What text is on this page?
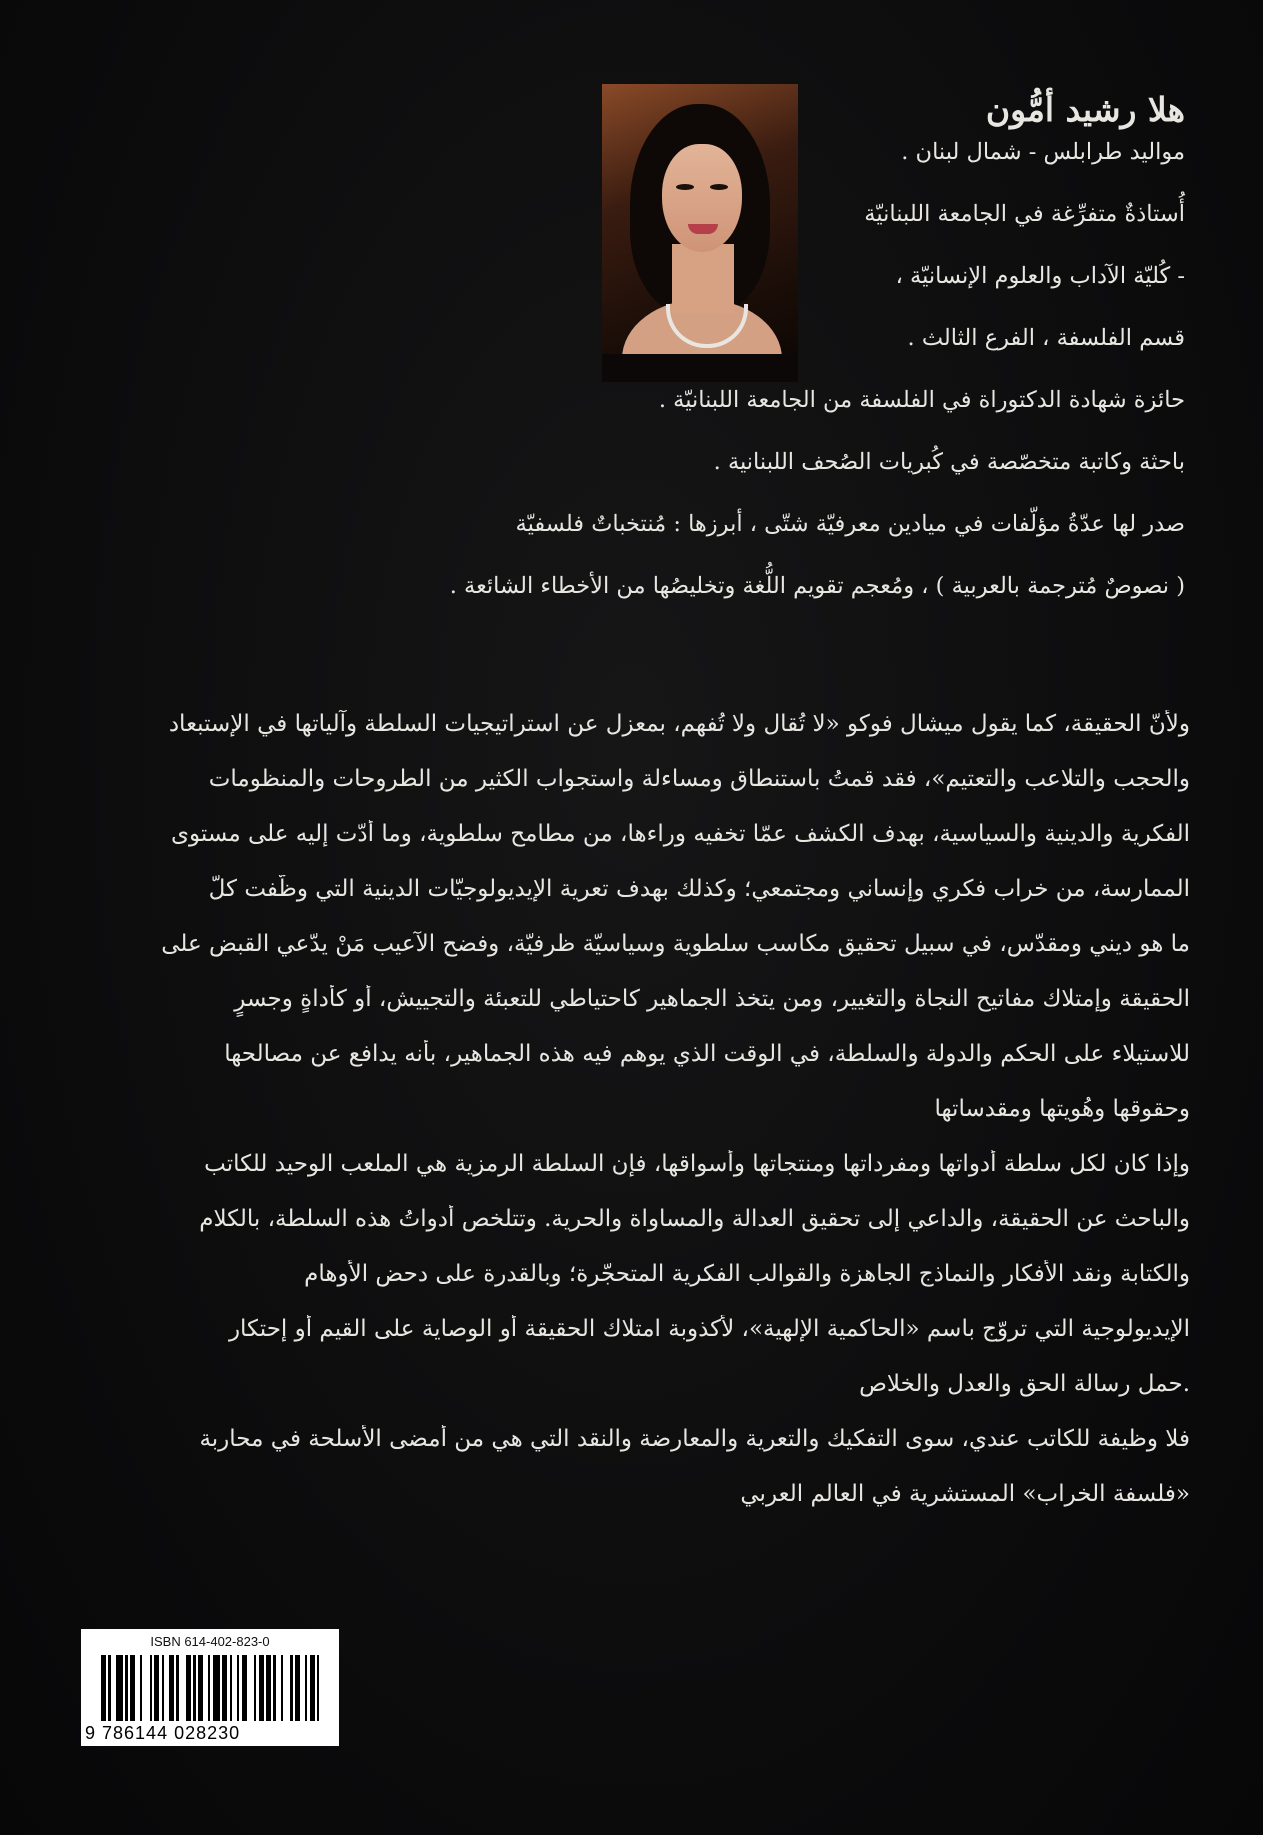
هلا رشيد أمُّون

مواليد طرابلس - شمال لبنان .

أُستاذةٌ متفرِّغة في الجامعة اللبنانيّة

- كُليّة الآداب والعلوم الإنسانيّة ،

قسم الفلسفة ، الفرع الثالث .

حائزة شهادة الدكتوراة في الفلسفة من الجامعة اللبنانيّة .

باحثة وكاتبة متخصّصة في كُبريات الصُحف اللبنانية .

صدر لها عدّةُ مؤلّفات في ميادين معرفيّة شتّى ، أبرزها : مُنتخباتٌ فلسفيّة

( نصوصٌ مُترجمة بالعربية ) ، ومُعجم تقويم اللُّغة وتخليصُها من الأخطاء الشائعة .

ولأنّ الحقيقة، كما يقول ميشال فوكو «لا تُقال ولا تُفهم، بمعزل عن استراتيجيات السلطة وآلياتها في الإستبعاد

والحجب والتلاعب والتعتيم»، فقد قمتُ باستنطاق ومساءلة واستجواب الكثير من الطروحات والمنظومات

الفكرية والدينية والسياسية، بهدف الكشف عمّا تخفيه وراءها، من مطامح سلطوية، وما أدّت إليه على مستوى

الممارسة، من خراب فكري وإنساني ومجتمعي؛ وكذلك بهدف تعرية الإيديولوجيّات الدينية التي وظّفت كلّ

ما هو ديني ومقدّس، في سبيل تحقيق مكاسب سلطوية وسياسيّة ظرفيّة، وفضح الآعيب مَنْ يدّعي القبض على

الحقيقة وإمتلاك مفاتيح النجاة والتغيير، ومن يتخذ الجماهير كاحتياطي للتعبئة والتجييش، أو كأداةٍ وجسرٍ

للاستيلاء على الحكم والدولة والسلطة، في الوقت الذي يوهم فيه هذه الجماهير، بأنه يدافع عن مصالحها

وحقوقها وهُويتها ومقدساتها

وإذا كان لكل سلطة أدواتها ومفرداتها ومنتجاتها وأسواقها، فإن السلطة الرمزية هي الملعب الوحيد للكاتب

والباحث عن الحقيقة، والداعي إلى تحقيق العدالة والمساواة والحرية. وتتلخص أدواتُ هذه السلطة، بالكلام

والكتابة ونقد الأفكار والنماذج الجاهزة والقوالب الفكرية المتحجّرة؛ وبالقدرة على دحض الأوهام

الإيديولوجية التي تروّج باسم «الحاكمية الإلهية»، لأكذوبة امتلاك الحقيقة أو الوصاية على القيم أو إحتكار

.حمل رسالة الحق والعدل والخلاص

فلا وظيفة للكاتب عندي، سوى التفكيك والتعرية والمعارضة والنقد التي هي من أمضى الأسلحة في محاربة

«فلسفة الخراب» المستشرية في العالم العربي

ISBN 614-402-823-0
9 786144 028230
